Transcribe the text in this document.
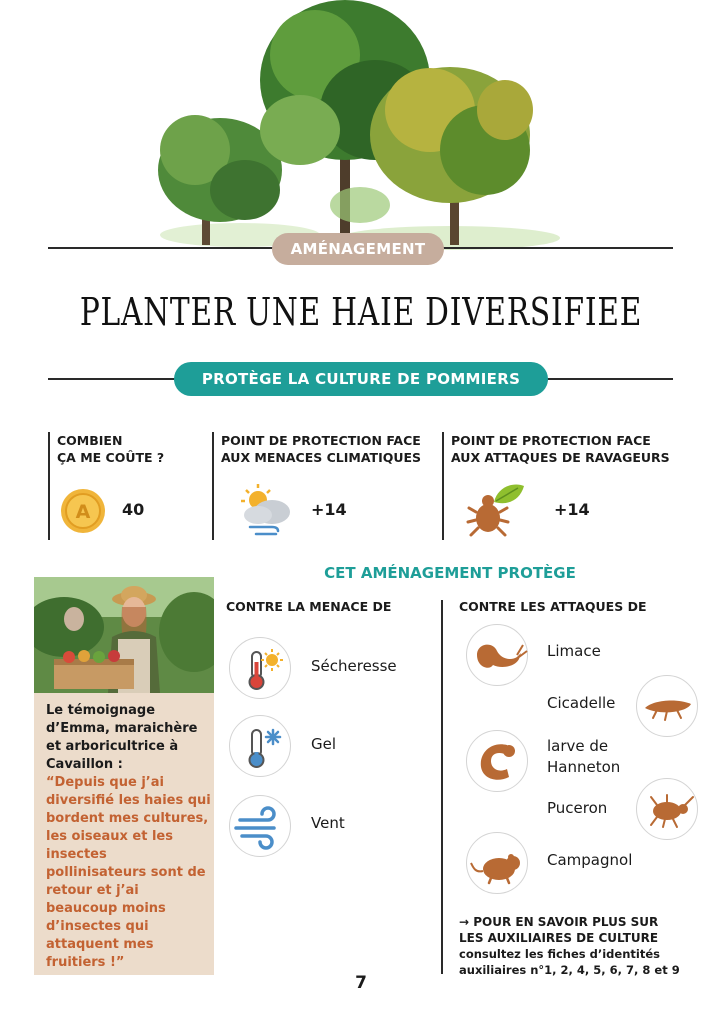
AMÉNAGEMENT
PLANTER UNE HAIE DIVERSIFIEE
PROTÈGE LA CULTURE DE POMMIERS
COMBIEN
ÇA ME COÛTE ?
A 40
POINT DE PROTECTION FACE
AUX MENACES CLIMATIQUES
+14
POINT DE PROTECTION FACE
AUX ATTAQUES DE RAVAGEURS
+14
CET AMÉNAGEMENT PROTÈGE
Le témoignage d’Emma, maraichère et arboricultrice à Cavaillon :
“Depuis que j’ai diversifié les haies qui bordent mes cultures, les oiseaux et les insectes pollinisateurs sont de retour et j’ai beaucoup moins d’insectes qui attaquent mes fruitiers !”
CONTRE LA MENACE DE
Sécheresse
Gel
Vent
CONTRE LES ATTAQUES DE
Limace
Cicadelle
larve de
Hanneton
Puceron
Campagnol
→ POUR EN SAVOIR PLUS SUR
LES AUXILIAIRES DE CULTURE
consultez les fiches d’identités
auxiliaires n°1, 2, 4, 5, 6, 7, 8 et 9
7
